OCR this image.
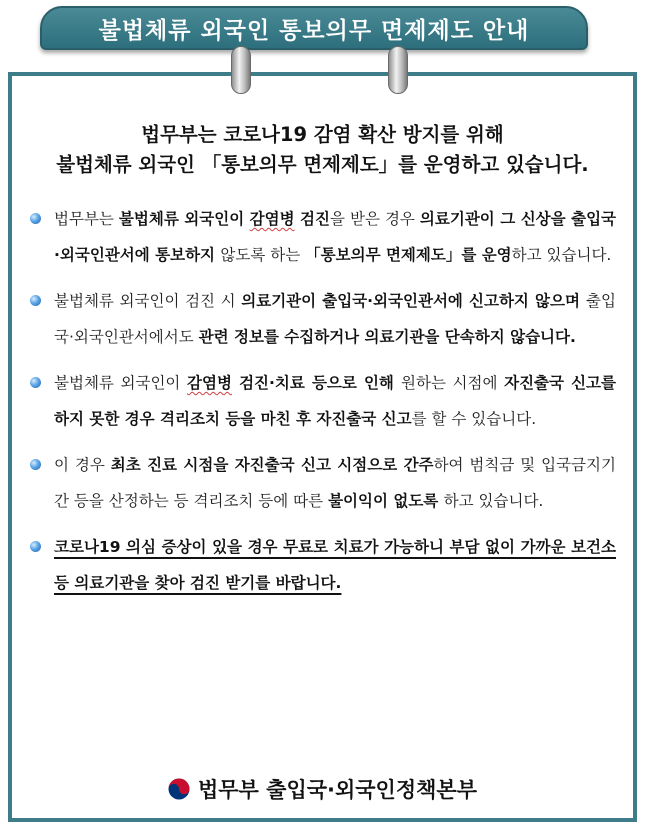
불법체류 외국인 통보의무 면제제도 안내
법무부는 코로나19 감염 확산 방지를 위해
불법체류 외국인 「통보의무 면제제도」를 운영하고 있습니다.
법무부는 불법체류 외국인이 감염병 검진을 받은 경우 의료기관이 그 신상을 출입국·외국인관서에 통보하지 않도록 하는 「통보의무 면제제도」를 운영하고 있습니다.
불법체류 외국인이 검진 시 의료기관이 출입국·외국인관서에 신고하지 않으며 출입국·외국인관서에서도 관련 정보를 수집하거나 의료기관을 단속하지 않습니다.
불법체류 외국인이 감염병 검진·치료 등으로 인해 원하는 시점에 자진출국 신고를 하지 못한 경우 격리조치 등을 마친 후 자진출국 신고를 할 수 있습니다.
이 경우 최초 진료 시점을 자진출국 신고 시점으로 간주하여 범칙금 및 입국금지기간 등을 산정하는 등 격리조치 등에 따른 불이익이 없도록 하고 있습니다.
코로나19 의심 증상이 있을 경우 무료로 치료가 가능하니 부담 없이 가까운 보건소 등 의료기관을 찾아 검진 받기를 바랍니다.
법무부 출입국·외국인정책본부
